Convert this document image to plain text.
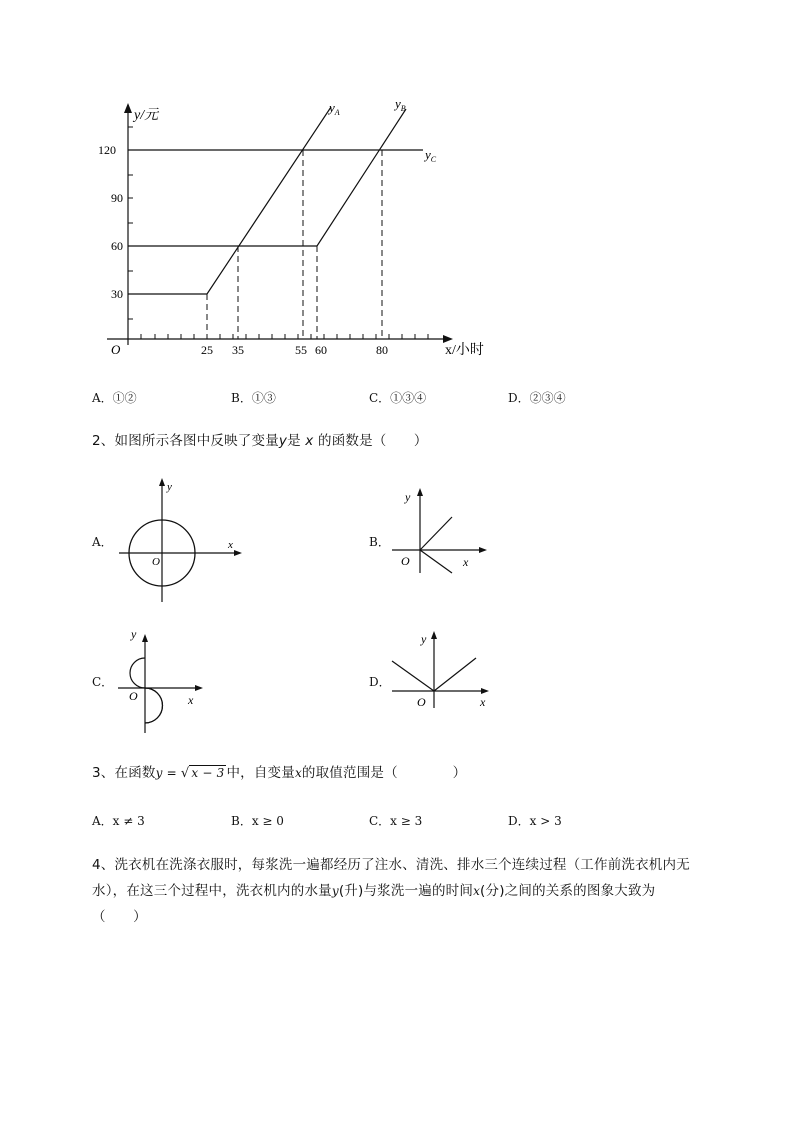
y/元
x/小时
O
120
90
60
30
25 35	55 60	80
$y_A$
$y_B$
$y_C$
A．①②	B．①③	C．①③④	D．②③④
2、如图所示各图中反映了变量y是 x 的函数是（　　）
A．
y
x
O
B．
y
x
O
C．
y
x
O
D．
y
x
O
3、在函数y = √ x − 3 中，自变量x的取值范围是（　　　　）
A．x ≠ 3	B．x ≥ 0	C．x ≥ 3	D．x > 3
4、洗衣机在洗涤衣服时，每浆洗一遍都经历了注水、清洗、排水三个连续过程（工作前洗衣机内无
水），在这三个过程中，洗衣机内的水量y(升)与浆洗一遍的时间x(分)之间的关系的图象大致为
（　　）
